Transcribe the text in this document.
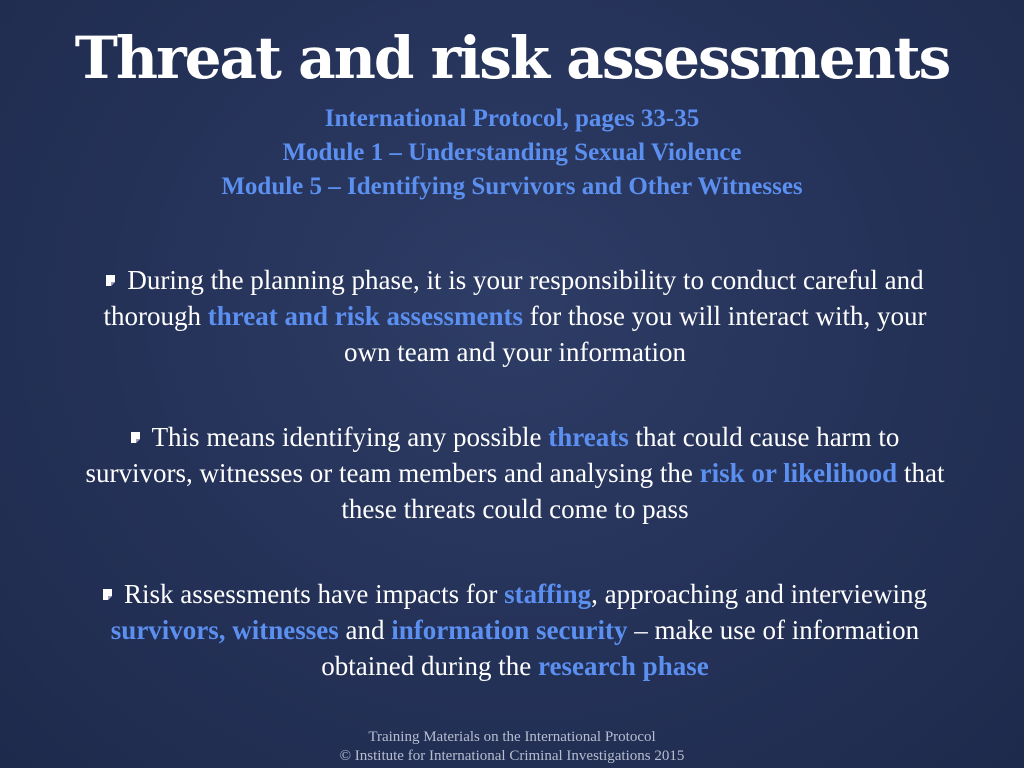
Threat and risk assessments
International Protocol, pages 33-35
Module 1 – Understanding Sexual Violence
Module 5 – Identifying Survivors and Other Witnesses
During the planning phase, it is your responsibility to conduct careful and thorough threat and risk assessments for those you will interact with, your own team and your information
This means identifying any possible threats that could cause harm to survivors, witnesses or team members and analysing the risk or likelihood that these threats could come to pass
Risk assessments have impacts for staffing, approaching and interviewing survivors, witnesses and information security – make use of information obtained during the research phase
Training Materials on the International Protocol
© Institute for International Criminal Investigations 2015
